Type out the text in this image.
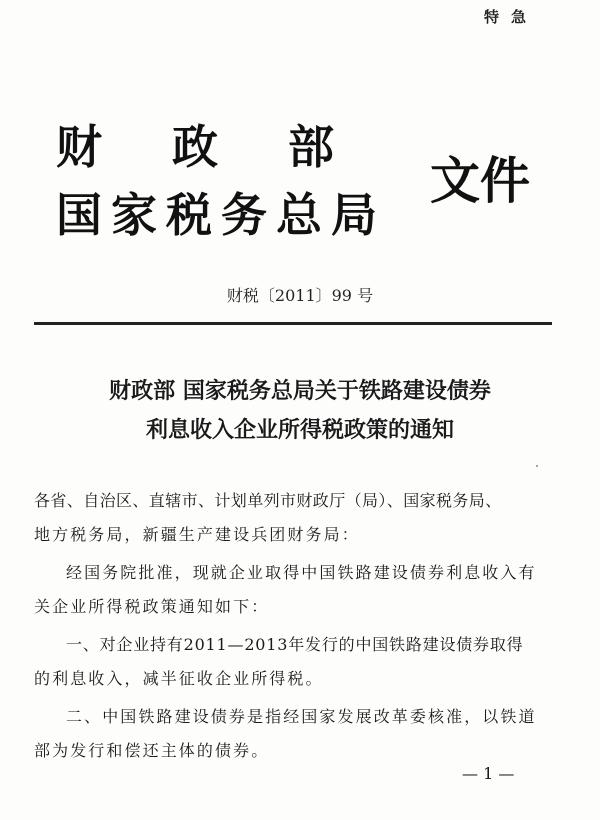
特急
财政部
国家税务总局
文件
财税〔2011〕99 号
财政部 国家税务总局关于铁路建设债券
利息收入企业所得税政策的通知
各省、自治区、直辖市、计划单列市财政厅（局）、国家税务局、
地方税务局，新疆生产建设兵团财务局：
经国务院批准，现就企业取得中国铁路建设债券利息收入有
关企业所得税政策通知如下：
一、对企业持有2011—2013年发行的中国铁路建设债券取得
的利息收入，减半征收企业所得税。
二、中国铁路建设债券是指经国家发展改革委核准，以铁道
部为发行和偿还主体的债券。
— 1 —
